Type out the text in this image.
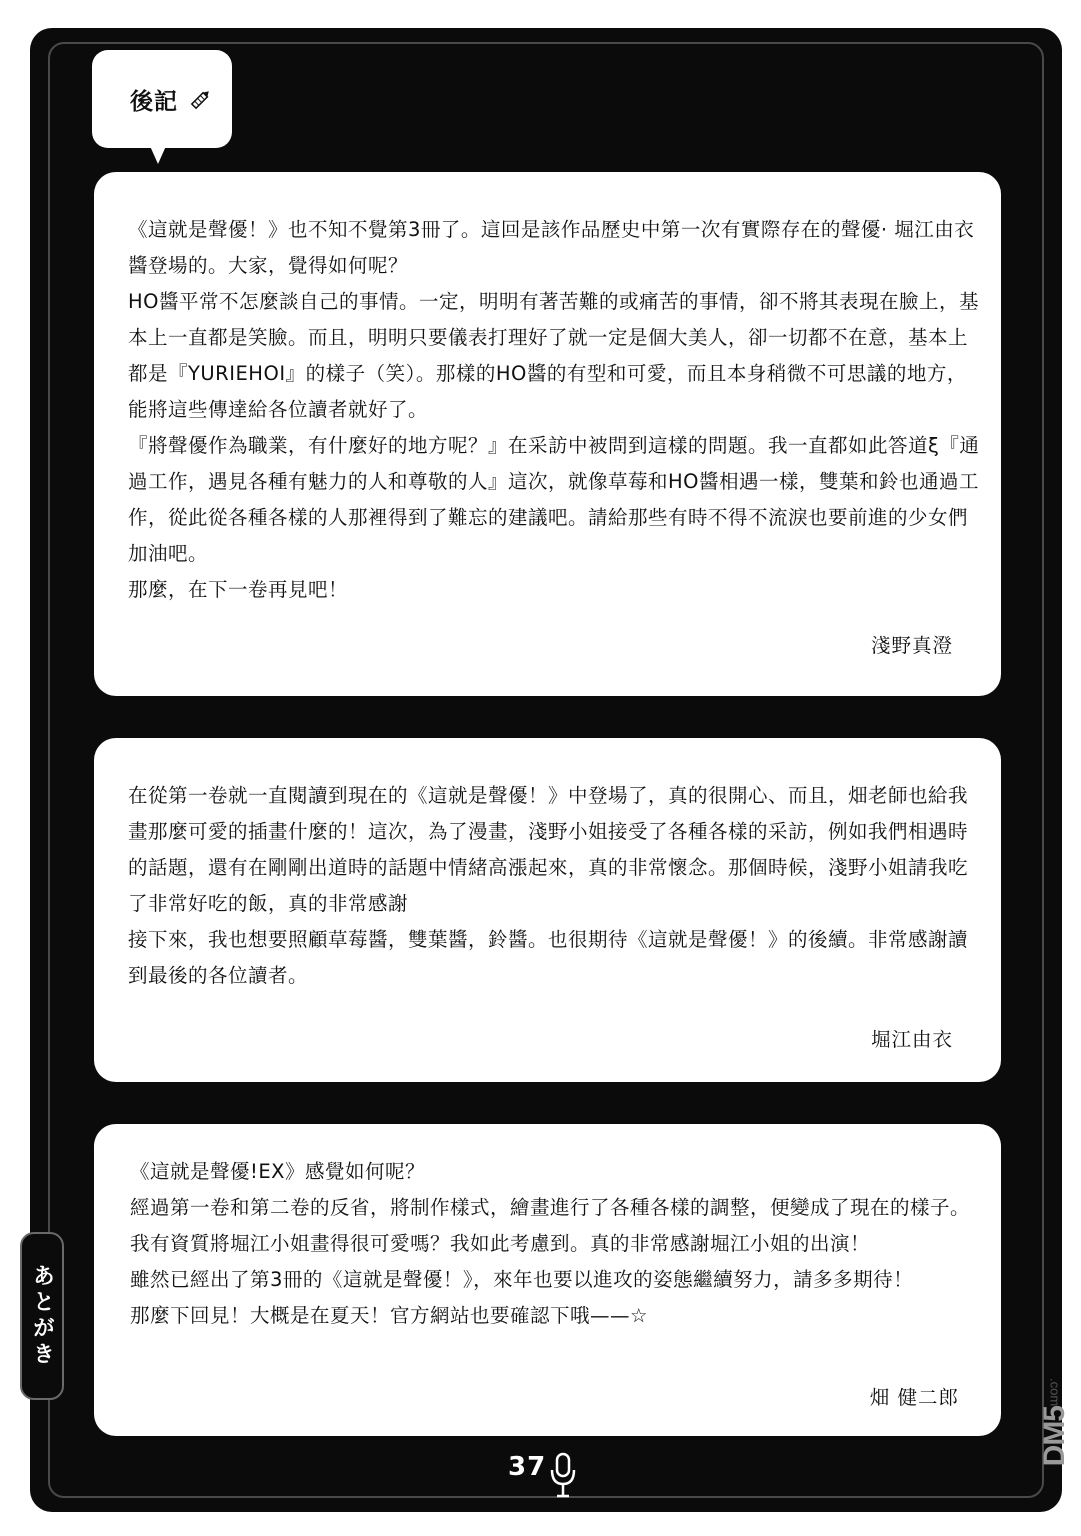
後記

《這就是聲優！》也不知不覺第3冊了。這回是該作品歷史中第一次有實際存在的聲優· 堀江由衣醬登場的。大家，覺得如何呢？

HO醬平常不怎麼談自己的事情。一定，明明有著苦難的或痛苦的事情，卻不將其表現在臉上，基本上一直都是笑臉。而且，明明只要儀表打理好了就一定是個大美人，卻一切都不在意，基本上都是『YURIEHOI』的樣子（笑）。那樣的HO醬的有型和可愛，而且本身稍微不可思議的地方，能將這些傳達給各位讀者就好了。

『將聲優作為職業，有什麼好的地方呢？』在采訪中被問到這樣的問題。我一直都如此答道ξ『通過工作，遇見各種有魅力的人和尊敬的人』這次，就像草莓和HO醬相遇一樣，雙葉和鈴也通過工作，從此從各種各樣的人那裡得到了難忘的建議吧。請給那些有時不得不流淚也要前進的少女們加油吧。

那麼，在下一卷再見吧！

淺野真澄

在從第一卷就一直閱讀到現在的《這就是聲優！》中登場了，真的很開心、而且，畑老師也給我畫那麼可愛的插畫什麼的！這次，為了漫畫，淺野小姐接受了各種各樣的采訪，例如我們相遇時的話題，還有在剛剛出道時的話題中情緒高漲起來，真的非常懷念。那個時候，淺野小姐請我吃了非常好吃的飯，真的非常感謝

接下來，我也想要照顧草莓醬，雙葉醬，鈴醬。也很期待《這就是聲優！》的後續。非常感謝讀到最後的各位讀者。

堀江由衣

《這就是聲優!EX》感覺如何呢？

經過第一卷和第二卷的反省，將制作樣式，繪畫進行了各種各樣的調整，便變成了現在的樣子。

我有資質將堀江小姐畫得很可愛嗎？我如此考慮到。真的非常感謝堀江小姐的出演！

雖然已經出了第3冊的《這就是聲優！》，來年也要以進攻的姿態繼續努力，請多多期待！

那麼下回見！大概是在夏天！官方網站也要確認下哦——☆

畑 健二郎
あとがき
37
.com
DM5
